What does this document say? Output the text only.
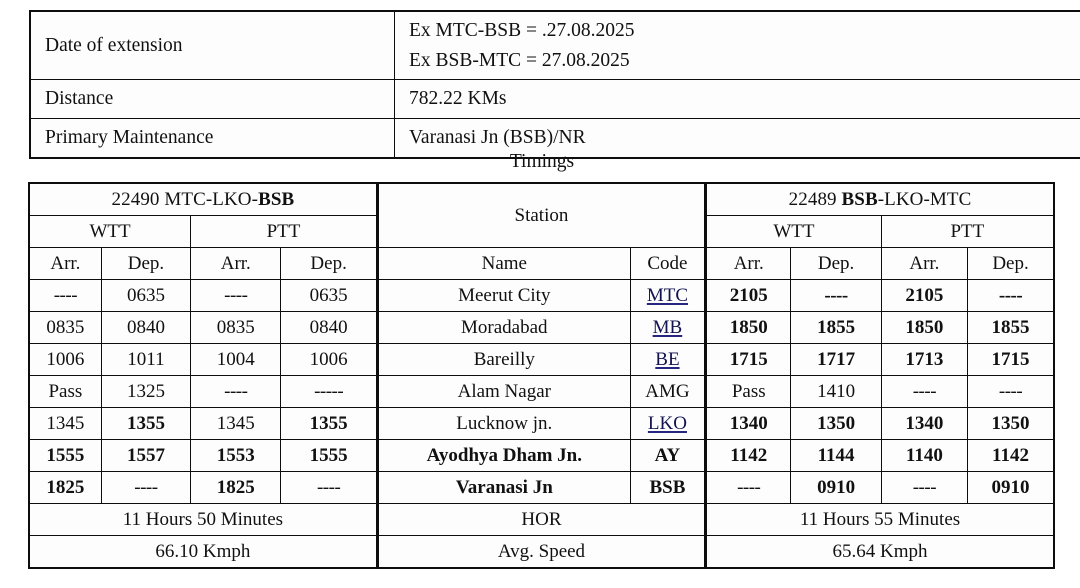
Date of extension	Ex MTC-BSB = .27.08.2025
Ex BSB-MTC = 27.08.2025

Distance	782.22 KMs
Primary Maintenance	Varanasi Jn (BSB)/NR
Timings
22490 MTC-LKO-BSB				Station		22489 BSB-LKO-MTC			
WTT		PTT				WTT		PTT	
Arr.	Dep.	Arr.	Dep.	Name	Code	Arr.	Dep.	Arr.	Dep.
----	0635	----	0635	Meerut City	MTC	2105	----	2105	----
0835	0840	0835	0840	Moradabad	MB	1850	1855	1850	1855
1006	1011	1004	1006	Bareilly	BE	1715	1717	1713	1715
Pass	1325	----	-----	Alam Nagar	AMG	Pass	1410	----	----
1345	1355	1345	1355	Lucknow jn.	LKO	1340	1350	1340	1350
1555	1557	1553	1555	Ayodhya Dham Jn.	AY	1142	1144	1140	1142
1825	----	1825	----	Varanasi Jn	BSB	----	0910	----	0910
11 Hours 50 Minutes				HOR		11 Hours 55 Minutes			
66.10 Kmph				Avg. Speed		65.64 Kmph			
